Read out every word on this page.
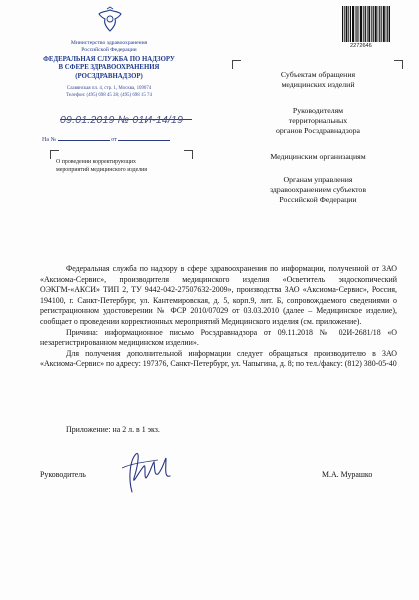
Министерство здравоохранения
Российской Федерации
ФЕДЕРАЛЬНАЯ СЛУЖБА ПО НАДЗОРУ
В СФЕРЕ ЗДРАВООХРАНЕНИЯ
(РОСЗДРАВНАДЗОР)
Славянская пл. 4, стр. 1, Москва, 109074
Телефон: (495) 698 45 38; (495) 698 15 74
09.01.2019 № 01И-14/19
На №	от
О проведении корректирующих
мероприятий медицинского изделия
2272646
Субъектам обращения
медицинских изделий
Руководителям
территориальных
органов Росздравнадзора
Медицинским организациям
Органам управления
здравоохранением субъектов
Российской Федерации

Федеральная служба по надзору в сфере здравоохранения по информации, полученной от ЗАО «Аксиома-Сервис», производителя медицинского изделия «Осветитель эндоскопический ОЭКГМ-«АКСИ» ТИП 2, ТУ 9442-042-27507632-2009», производства ЗАО «Аксиома-Сервис», Россия, 194100, г. Санкт-Петербург, ул. Кантемировская, д. 5, корп.9, лит. Б, сопровождаемого сведениями о регистрационном удостоверении № ФСР 2010/07029 от 03.03.2010 (далее – Медицинское изделие), сообщает о проведении корректионных мероприятий Медицинского изделия (см. приложение).

Причина: информационное письмо Росздравнадзора от 09.11.2018 № 02И-2681/18 «О незарегистрированном медицинском изделии».

Для получения дополнительной информации следует обращаться производителю в ЗАО «Аксиома-Сервис» по адресу: 197376, Санкт-Петербург, ул. Чапыгина, д. 8; по тел./факсу: (812) 380-05-40

Приложение: на 2 л. в 1 экз.
Руководитель	М.А. Мурашко
